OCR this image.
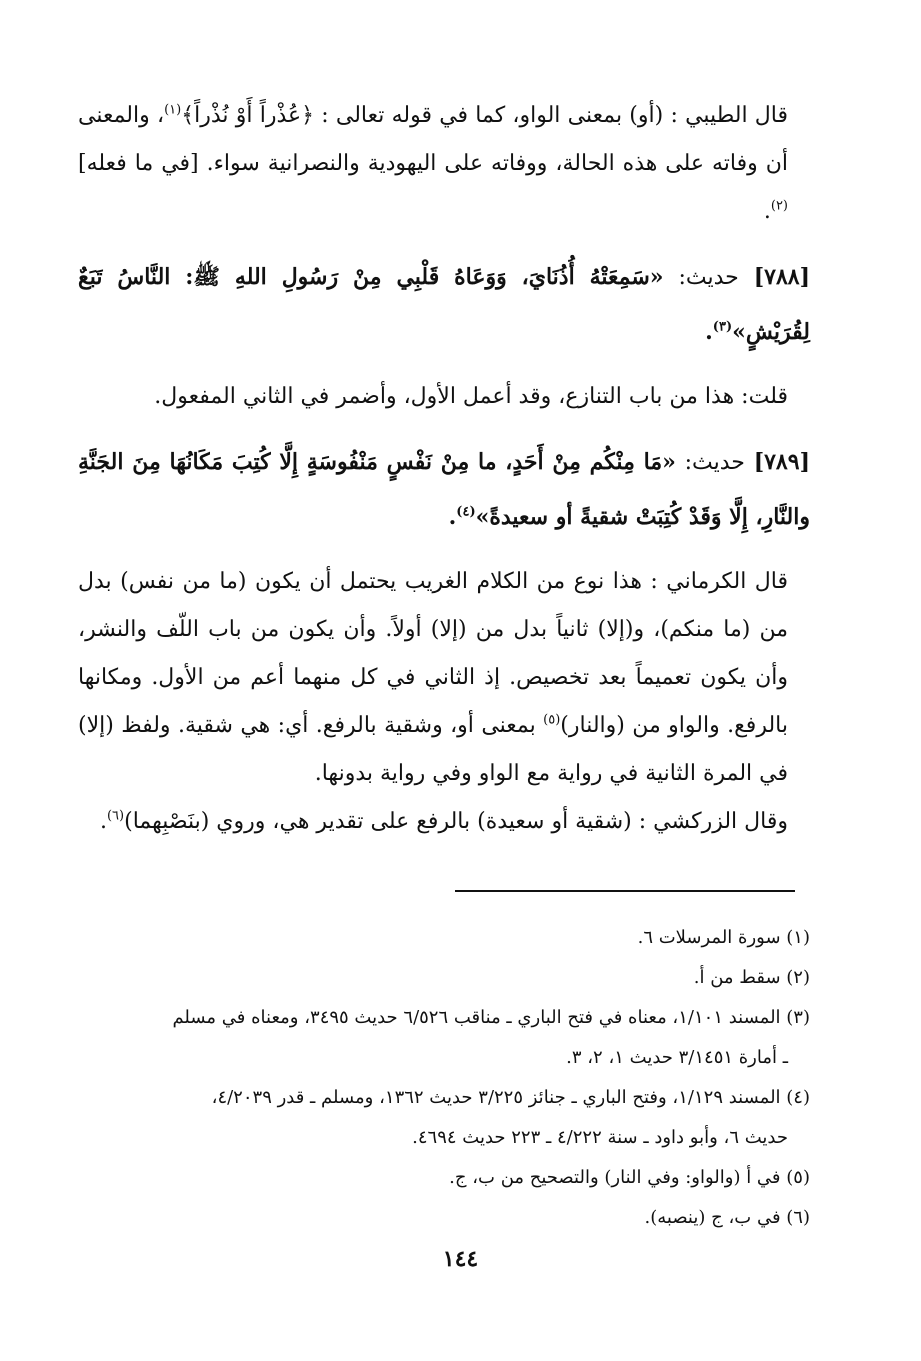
قال الطيبي : (أو) بمعنى الواو، كما في قوله تعالى : ﴿عُذْراً أَوْ نُذْراً﴾$^{(١)}$، والمعنى أن وفاته على هذه الحالة، ووفاته على اليهودية والنصرانية سواء. [في ما فعله]$^{(٢)}$.

[٧٨٨] حديث: «سَمِعَتْهُ أُذُنَايَ، وَوَعَاهُ قَلْبِي مِنْ رَسُولِ اللهِ ﷺ: النَّاسُ تَبَعٌ لِقُرَيْشٍ»$^{(٣)}$.

قلت: هذا من باب التنازع، وقد أعمل الأول، وأضمر في الثاني المفعول.

[٧٨٩] حديث: «مَا مِنْكُم مِنْ أَحَدٍ، ما مِنْ نَفْسٍ مَنْفُوسَةٍ إِلَّا كُتِبَ مَكَانُهَا مِنَ الجَنَّةِ والنَّارِ، إِلَّا وَقَدْ كُتِبَتْ شقيةً أو سعيدةً»$^{(٤)}$.

قال الكرماني : هذا نوع من الكلام الغريب يحتمل أن يكون (ما من نفس) بدل من (ما منكم)، و(إلا) ثانياً بدل من (إلا) أولاً. وأن يكون من باب اللّف والنشر، وأن يكون تعميماً بعد تخصيص. إذ الثاني في كل منهما أعم من الأول. ومكانها بالرفع. والواو من (والنار)$^{(٥)}$ بمعنى أو، وشقية بالرفع. أي: هي شقية. ولفظ (إلا) في المرة الثانية في رواية مع الواو وفي رواية بدونها.

وقال الزركشي : (شقية أو سعيدة) بالرفع على تقدير هي، وروي (بنَصْبِهما)$^{(٦)}$.

(١) سورة المرسلات ٦.

(٢) سقط من أ.

(٣) المسند ١/١٠١، معناه في فتح الباري ـ مناقب ٦/٥٢٦ حديث ٣٤٩٥، ومعناه في مسلم
ـ أمارة ٣/١٤٥١ حديث ١، ٢، ٣.

(٤) المسند ١/١٢٩، وفتح الباري ـ جنائز ٣/٢٢٥ حديث ١٣٦٢، ومسلم ـ قدر ٤/٢٠٣٩،
حديث ٦، وأبو داود ـ سنة ٤/٢٢٢ ـ ٢٢٣ حديث ٤٦٩٤.

(٥) في أ (والواو: وفي النار) والتصحيح من ب، ج.

(٦) في ب، ج (ينصبه).

١٤٤
